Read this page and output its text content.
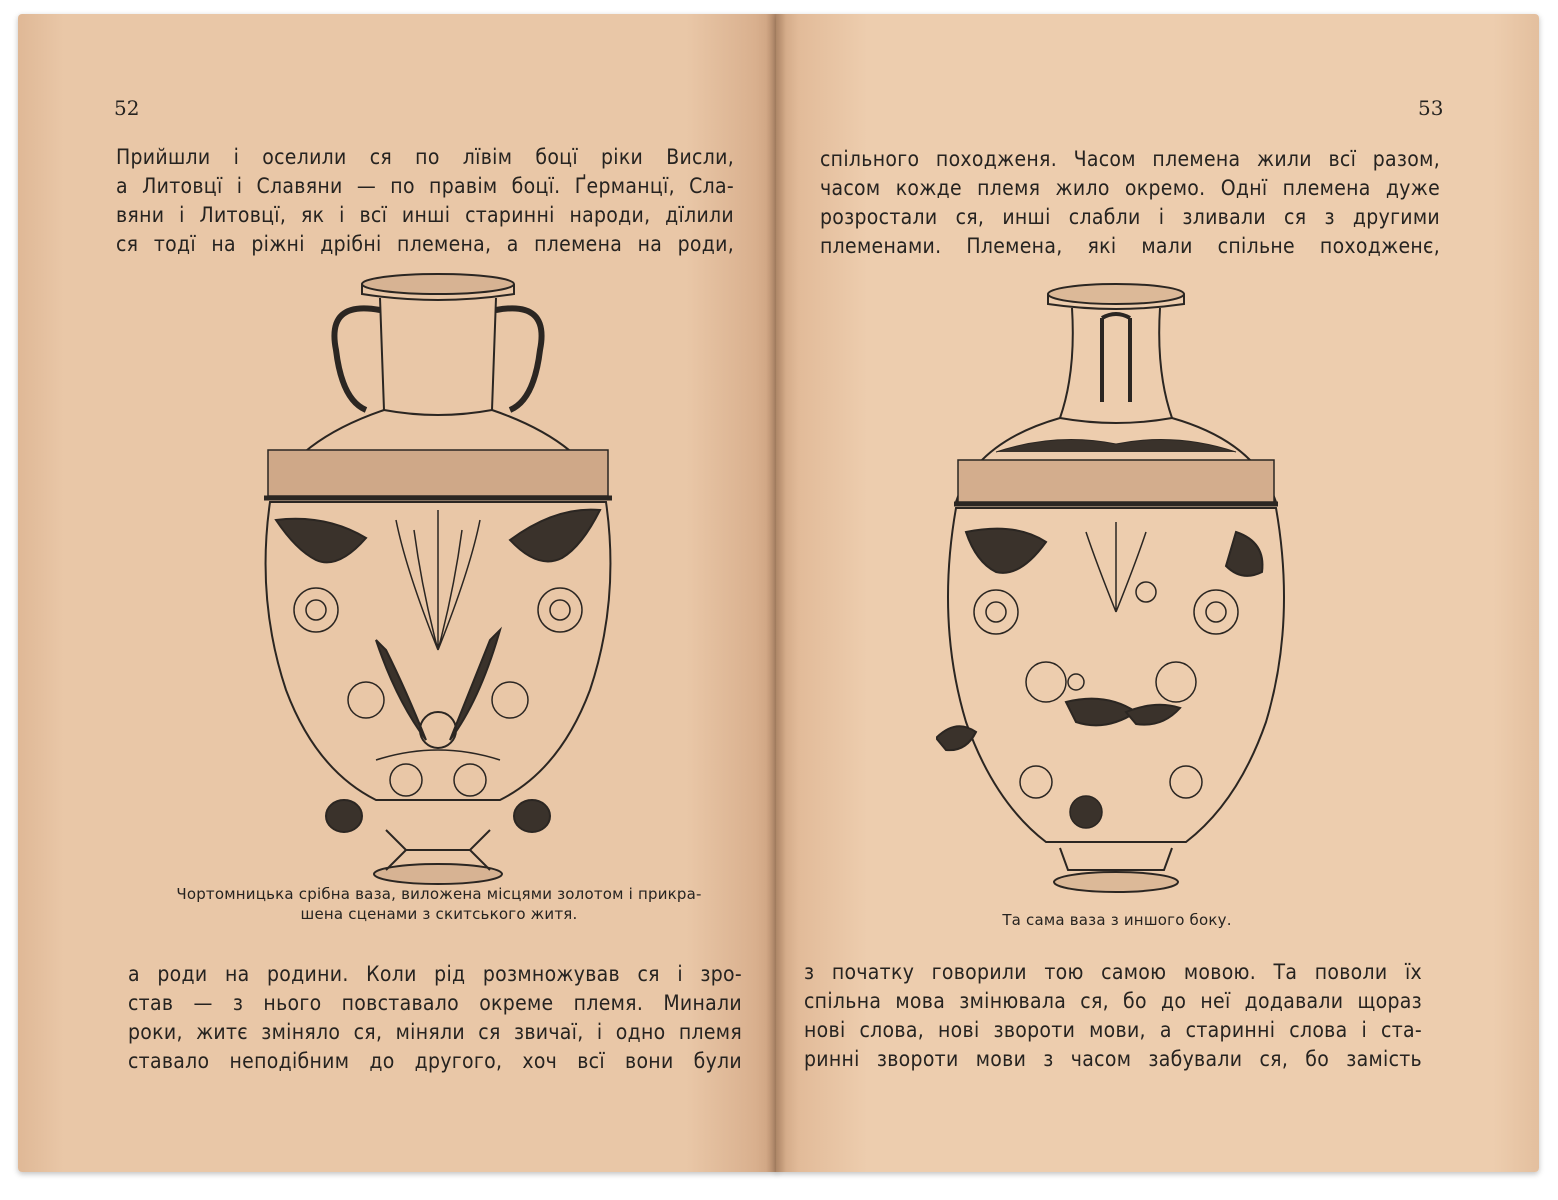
52

Прийшли і оселили ся по лївім боцї ріки Висли,
а Литовцї і Славяни — по правім боцї. Ґерманцї, Сла-
вяни і Литовцї, як і всї инші старинні народи, дїлили
ся тодї на ріжні дрібні племена, а племена на роди,
Чортомницька срібна ваза, виложена місцями золотом і прикра-
шена сценами з скитського житя.
а роди на родини. Коли рід розмножував ся і зро-
став — з нього повставало окреме племя. Минали
роки, житє зміняло ся, міняли ся звичаї, і одно племя
ставало неподібним до другого, хоч всї вони були

53

спільного походженя. Часом племена жили всї разом,
часом кожде племя жило окремо. Однї племена дуже
розростали ся, инші слабли і зливали ся з другими
племенами. Племена, які мали спільне походженє,
Та сама ваза з иншого боку.
з початку говорили тою самою мовою. Та поволи їх
спільна мова змінювала ся, бо до неї додавали щораз
нові слова, нові звороти мови, а старинні слова і ста-
ринні звороти мови з часом забували ся, бо замість
